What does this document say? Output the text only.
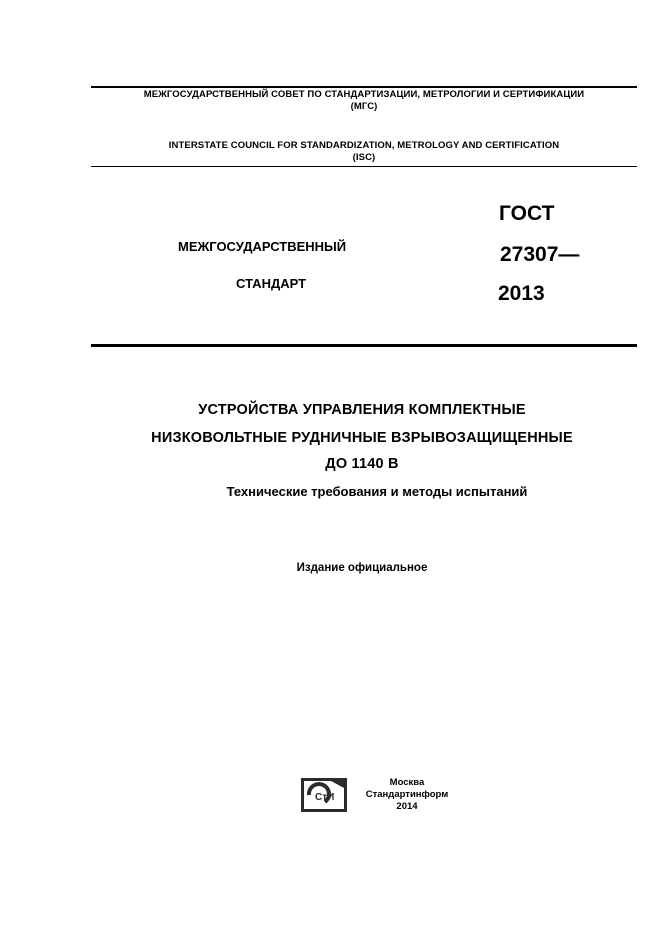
МЕЖГОСУДАРСТВЕННЫЙ СОВЕТ ПО СТАНДАРТИЗАЦИИ, МЕТРОЛОГИИ И СЕРТИФИКАЦИИ
(МГС)
INTERSTATE COUNCIL FOR STANDARDIZATION, METROLOGY AND CERTIFICATION
(ISC)
МЕЖГОСУДАРСТВЕННЫЙ
СТАНДАРТ
ГОСТ
27307—
2013
УСТРОЙСТВА УПРАВЛЕНИЯ КОМПЛЕКТНЫЕ
НИЗКОВОЛЬТНЫЕ РУДНИЧНЫЕ ВЗРЫВОЗАЩИЩЕННЫЕ
ДО 1140 В
Технические требования и методы испытаний
Издание официальное
СтИ
Москва
Стандартинформ
2014
